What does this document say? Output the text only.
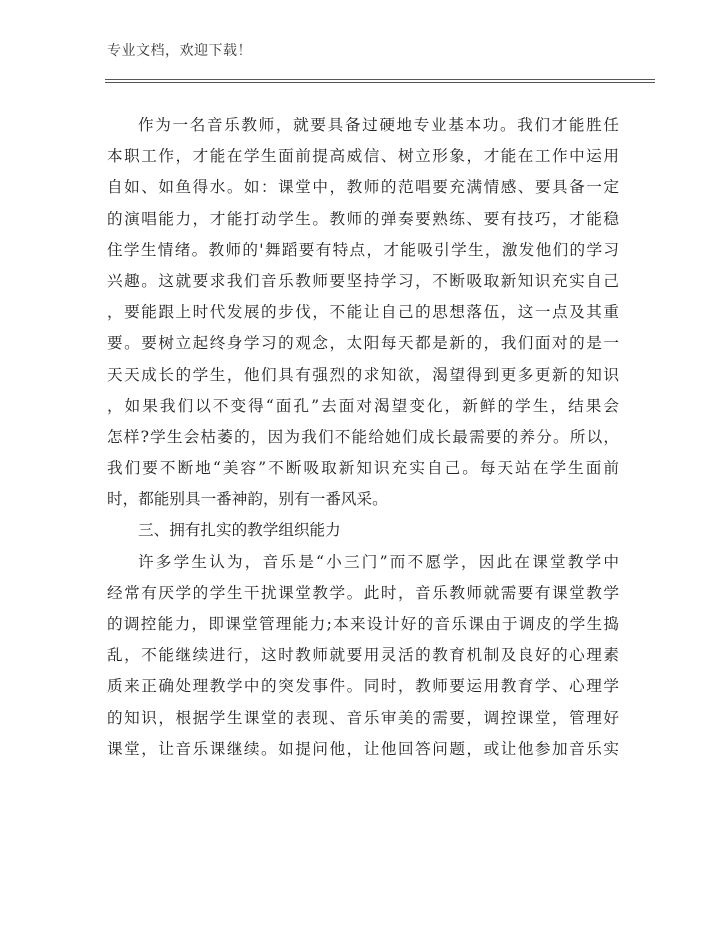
专业文档，欢迎下载！
作为一名音乐教师，就要具备过硬地专业基本功。我们才能胜任
本职工作，才能在学生面前提高威信、树立形象，才能在工作中运用
自如、如鱼得水。如：课堂中，教师的范唱要充满情感、要具备一定
的演唱能力，才能打动学生。教师的弹奏要熟练、要有技巧，才能稳
住学生情绪。教师的'舞蹈要有特点，才能吸引学生，激发他们的学习
兴趣。这就要求我们音乐教师要坚持学习，不断吸取新知识充实自己
，要能跟上时代发展的步伐，不能让自己的思想落伍，这一点及其重
要。要树立起终身学习的观念，太阳每天都是新的，我们面对的是一
天天成长的学生，他们具有强烈的求知欲，渴望得到更多更新的知识
，如果我们以不变得“面孔”去面对渴望变化，新鲜的学生，结果会
怎样?学生会枯萎的，因为我们不能给她们成长最需要的养分。所以，
我们要不断地“美容”不断吸取新知识充实自己。每天站在学生面前
时，都能别具一番神韵，别有一番风采。
三、拥有扎实的教学组织能力
许多学生认为，音乐是“小三门”而不愿学，因此在课堂教学中
经常有厌学的学生干扰课堂教学。此时，音乐教师就需要有课堂教学
的调控能力，即课堂管理能力;本来设计好的音乐课由于调皮的学生捣
乱，不能继续进行，这时教师就要用灵活的教育机制及良好的心理素
质来正确处理教学中的突发事件。同时，教师要运用教育学、心理学
的知识，根据学生课堂的表现、音乐审美的需要，调控课堂，管理好
课堂，让音乐课继续。如提问他，让他回答问题，或让他参加音乐实
